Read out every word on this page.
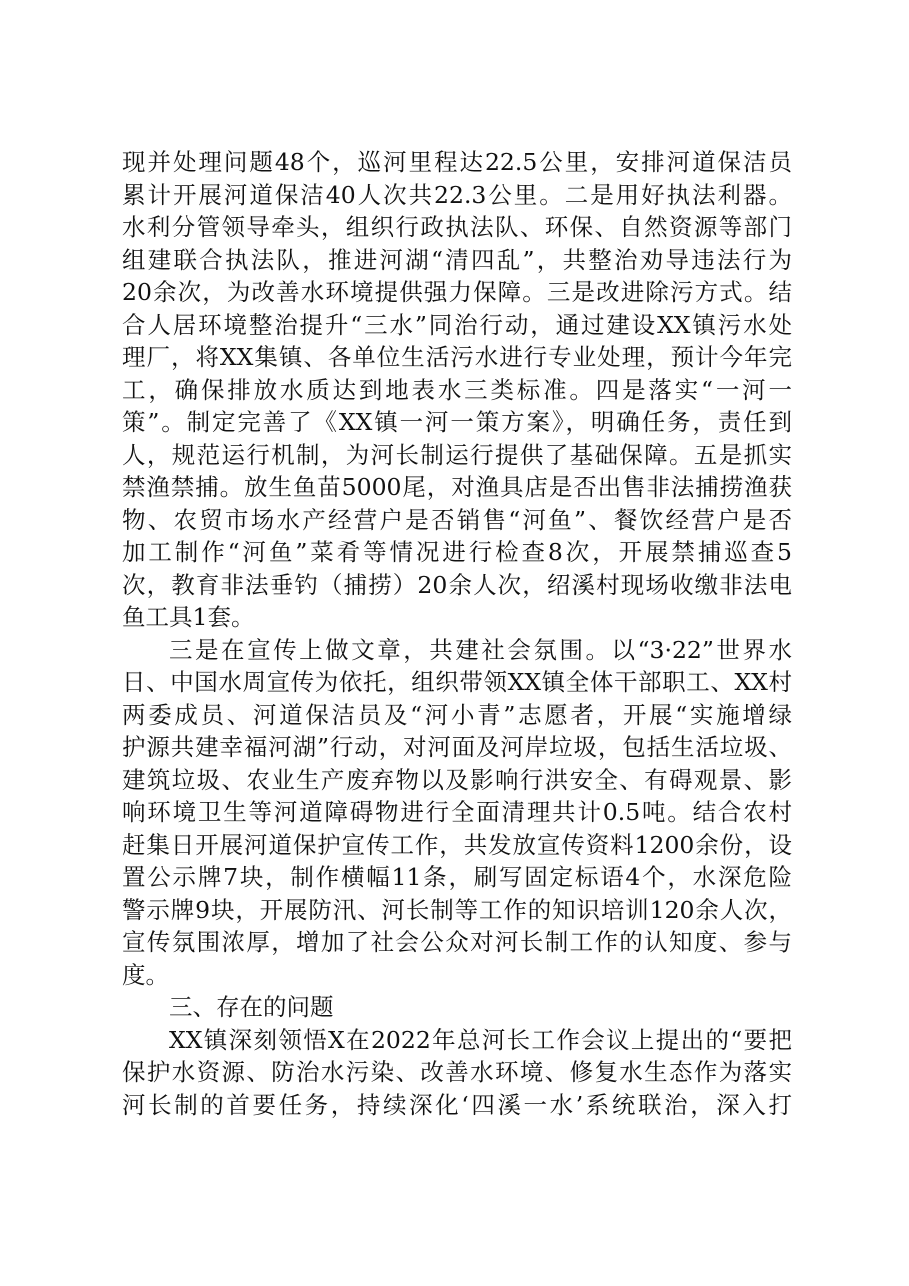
现并处理问题48个，巡河里程达22.5公里，安排河道保洁员
累计开展河道保洁40人次共22.3公里。二是用好执法利器。
水利分管领导牵头，组织行政执法队、环保、自然资源等部门
组建联合执法队，推进河湖“清四乱”，共整治劝导违法行为
20余次，为改善水环境提供强力保障。三是改进除污方式。结
合人居环境整治提升“三水”同治行动，通过建设XX镇污水处
理厂，将XX集镇、各单位生活污水进行专业处理，预计今年完
工，确保排放水质达到地表水三类标准。四是落实“一河一
策”。制定完善了《XX镇一河一策方案》，明确任务，责任到
人，规范运行机制，为河长制运行提供了基础保障。五是抓实
禁渔禁捕。放生鱼苗5000尾，对渔具店是否出售非法捕捞渔获
物、农贸市场水产经营户是否销售“河鱼”、餐饮经营户是否
加工制作“河鱼”菜肴等情况进行检查8次，开展禁捕巡查5
次，教育非法垂钓（捕捞）20余人次，绍溪村现场收缴非法电
鱼工具1套。
三是在宣传上做文章，共建社会氛围。以“3·22”世界水
日、中国水周宣传为依托，组织带领XX镇全体干部职工、XX村
两委成员、河道保洁员及“河小青”志愿者，开展“实施增绿
护源共建幸福河湖”行动，对河面及河岸垃圾，包括生活垃圾、
建筑垃圾、农业生产废弃物以及影响行洪安全、有碍观景、影
响环境卫生等河道障碍物进行全面清理共计0.5吨。结合农村
赶集日开展河道保护宣传工作，共发放宣传资料1200余份，设
置公示牌7块，制作横幅11条，刷写固定标语4个，水深危险
警示牌9块，开展防汛、河长制等工作的知识培训120余人次，
宣传氛围浓厚，增加了社会公众对河长制工作的认知度、参与
度。
三、存在的问题
XX镇深刻领悟X在2022年总河长工作会议上提出的“要把
保护水资源、防治水污染、改善水环境、修复水生态作为落实
河长制的首要任务，持续深化‘四溪一水’系统联治，深入打
